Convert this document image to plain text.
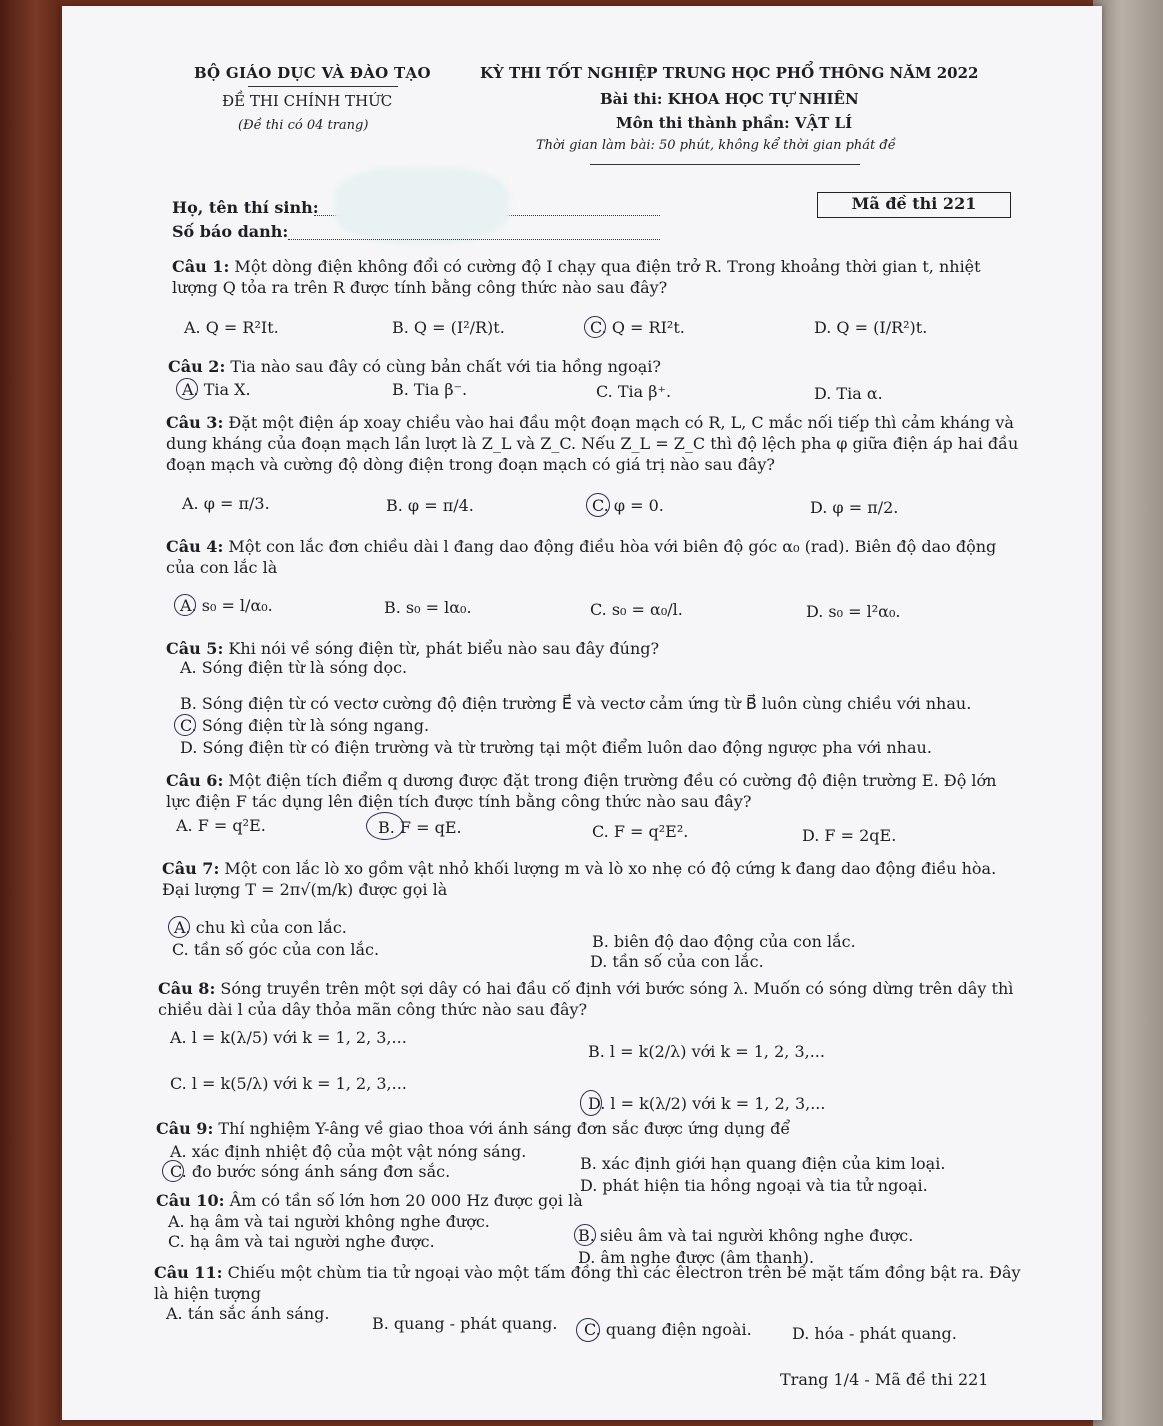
BỘ GIÁO DỤC VÀ ĐÀO TẠO
ĐỀ THI CHÍNH THỨC
(Đề thi có 04 trang)
KỲ THI TỐT NGHIỆP TRUNG HỌC PHỔ THÔNG NĂM 2022
Bài thi: KHOA HỌC TỰ NHIÊN
Môn thi thành phần: VẬT LÍ
Thời gian làm bài: 50 phút, không kể thời gian phát đề
Họ, tên thí sinh:
Số báo danh:
Mã đề thi 221
Câu 1: Một dòng điện không đổi có cường độ I chạy qua điện trở R. Trong khoảng thời gian t, nhiệt lượng Q tỏa ra trên R được tính bằng công thức nào sau đây?
A. Q = R²It.	B. Q = (I²/R)t.	C. Q = RI²t.	D. Q = (I/R²)t.
Câu 2: Tia nào sau đây có cùng bản chất với tia hồng ngoại?
A. Tia X.	B. Tia β⁻.	C. Tia β⁺.	D. Tia α.
Câu 3: Đặt một điện áp xoay chiều vào hai đầu một đoạn mạch có R, L, C mắc nối tiếp thì cảm kháng và dung kháng của đoạn mạch lần lượt là Z_L và Z_C. Nếu Z_L = Z_C thì độ lệch pha φ giữa điện áp hai đầu đoạn mạch và cường độ dòng điện trong đoạn mạch có giá trị nào sau đây?
A. φ = π/3.	B. φ = π/4.	C. φ = 0.	D. φ = π/2.
Câu 4: Một con lắc đơn chiều dài l đang dao động điều hòa với biên độ góc α₀ (rad). Biên độ dao động của con lắc là
A. s₀ = l/α₀.	B. s₀ = lα₀.	C. s₀ = α₀/l.	D. s₀ = l²α₀.
Câu 5: Khi nói về sóng điện từ, phát biểu nào sau đây đúng?
A. Sóng điện từ là sóng dọc.
B. Sóng điện từ có vectơ cường độ điện trường E⃗ và vectơ cảm ứng từ B⃗ luôn cùng chiều với nhau.
C. Sóng điện từ là sóng ngang.
D. Sóng điện từ có điện trường và từ trường tại một điểm luôn dao động ngược pha với nhau.
Câu 6: Một điện tích điểm q dương được đặt trong điện trường đều có cường độ điện trường E. Độ lớn lực điện F tác dụng lên điện tích được tính bằng công thức nào sau đây?
A. F = q²E.	B. F = qE.	C. F = q²E².	D. F = 2qE.
Câu 7: Một con lắc lò xo gồm vật nhỏ khối lượng m và lò xo nhẹ có độ cứng k đang dao động điều hòa. Đại lượng T = 2π√(m/k) được gọi là
A. chu kì của con lắc.
B. biên độ dao động của con lắc.
C. tần số góc của con lắc.
D. tần số của con lắc.
Câu 8: Sóng truyền trên một sợi dây có hai đầu cố định với bước sóng λ. Muốn có sóng dừng trên dây thì chiều dài l của dây thỏa mãn công thức nào sau đây?
A. l = k(λ/5) với k = 1, 2, 3,...
B. l = k(2/λ) với k = 1, 2, 3,...
C. l = k(5/λ) với k = 1, 2, 3,...
D. l = k(λ/2) với k = 1, 2, 3,...
Câu 9: Thí nghiệm Y-âng về giao thoa với ánh sáng đơn sắc được ứng dụng để
A. xác định nhiệt độ của một vật nóng sáng.
B. xác định giới hạn quang điện của kim loại.
C. đo bước sóng ánh sáng đơn sắc.
D. phát hiện tia hồng ngoại và tia tử ngoại.
Câu 10: Âm có tần số lớn hơn 20 000 Hz được gọi là
A. hạ âm và tai người không nghe được.
B. siêu âm và tai người không nghe được.
C. hạ âm và tai người nghe được.
D. âm nghe được (âm thanh).
Câu 11: Chiếu một chùm tia tử ngoại vào một tấm đồng thì các êlectron trên bề mặt tấm đồng bật ra. Đây là hiện tượng
A. tán sắc ánh sáng.
B. quang - phát quang. C. quang điện ngoài.	D. hóa - phát quang.
Trang 1/4 - Mã đề thi 221
